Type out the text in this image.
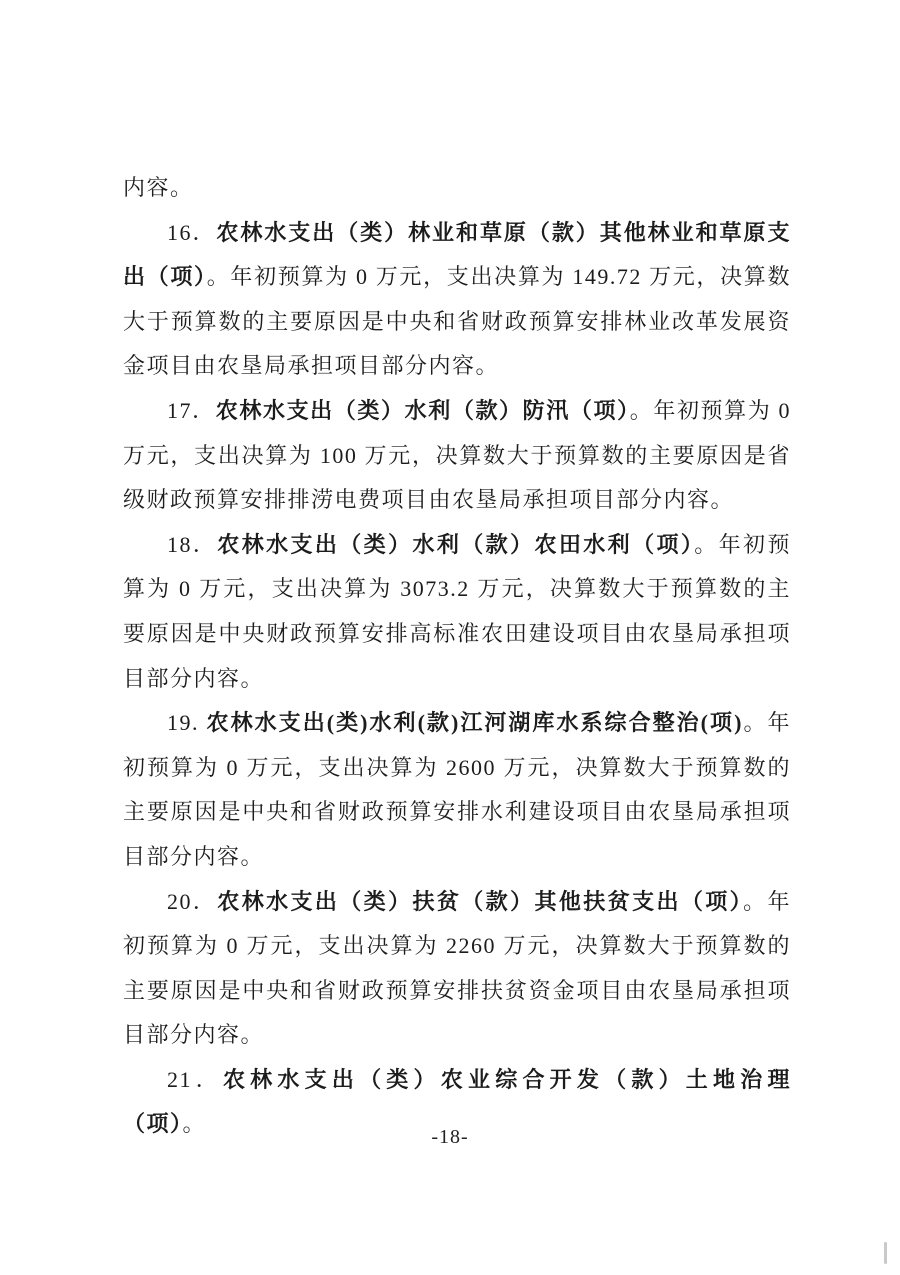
内容。

16．农林水支出（类）林业和草原（款）其他林业和草原支出（项）。年初预算为 0 万元，支出决算为 149.72 万元，决算数大于预算数的主要原因是中央和省财政预算安排林业改革发展资金项目由农垦局承担项目部分内容。

17．农林水支出（类）水利（款）防汛（项）。年初预算为 0 万元，支出决算为 100 万元，决算数大于预算数的主要原因是省级财政预算安排排涝电费项目由农垦局承担项目部分内容。

18．农林水支出（类）水利（款）农田水利（项）。年初预算为 0 万元，支出决算为 3073.2 万元，决算数大于预算数的主要原因是中央财政预算安排高标准农田建设项目由农垦局承担项目部分内容。

19. 农林水支出(类)水利(款)江河湖库水系综合整治(项)。年初预算为 0 万元，支出决算为 2600 万元，决算数大于预算数的主要原因是中央和省财政预算安排水利建设项目由农垦局承担项目部分内容。

20．农林水支出（类）扶贫（款）其他扶贫支出（项）。年初预算为 0 万元，支出决算为 2260 万元，决算数大于预算数的主要原因是中央和省财政预算安排扶贫资金项目由农垦局承担项目部分内容。

21．农林水支出（类）农业综合开发（款）土地治理（项）。

-18-
